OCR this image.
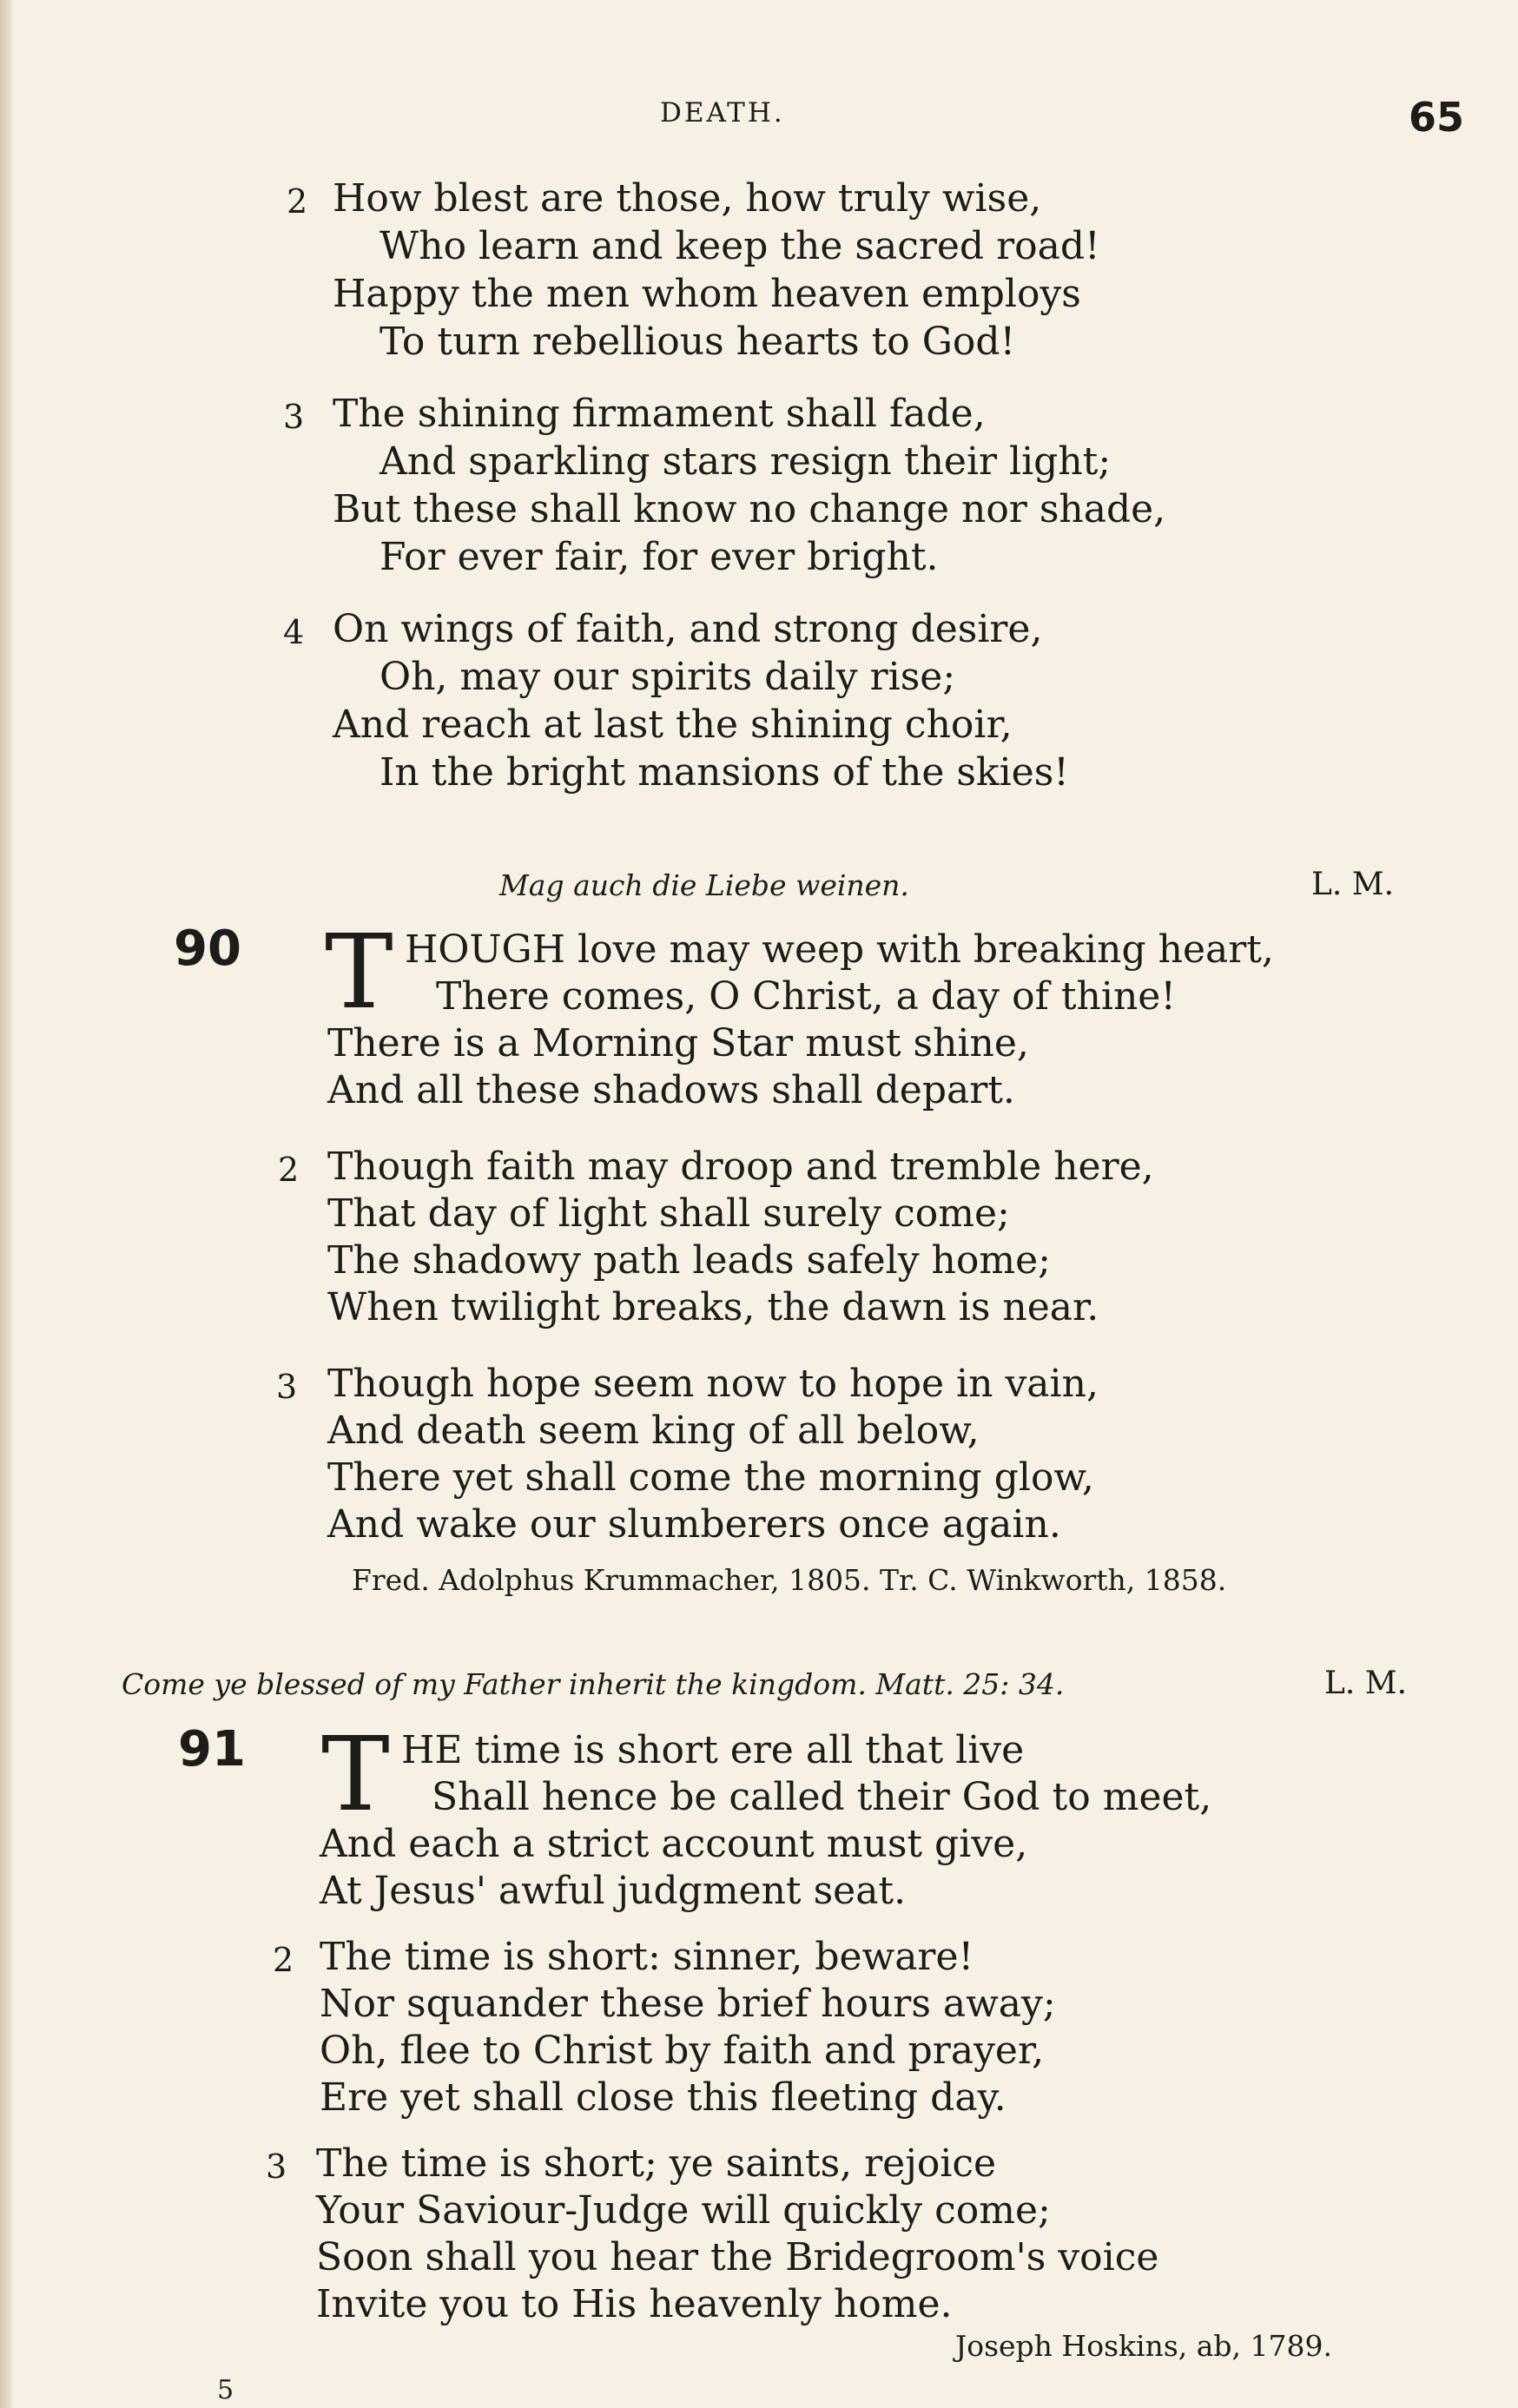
DEATH.	65
2 How blest are those, how truly wise,
Who learn and keep the sacred road!
Happy the men whom heaven employs
To turn rebellious hearts to God!
3 The shining firmament shall fade,
And sparkling stars resign their light;
But these shall know no change nor shade,
For ever fair, for ever bright.
4 On wings of faith, and strong desire,
Oh, may our spirits daily rise;
And reach at last the shining choir,
In the bright mansions of the skies!
Mag auch die Liebe weinen.	L. M.
90 T HOUGH love may weep with breaking heart,
There comes, O Christ, a day of thine!
There is a Morning Star must shine,
And all these shadows shall depart.
2 Though faith may droop and tremble here,
That day of light shall surely come;
The shadowy path leads safely home;
When twilight breaks, the dawn is near.
3 Though hope seem now to hope in vain,
And death seem king of all below,
There yet shall come the morning glow,
And wake our slumberers once again.
Fred. Adolphus Krummacher, 1805. Tr. C. Winkworth, 1858.
Come ye blessed of my Father inherit the kingdom. Matt. 25: 34.	L. M.
91 T HE time is short ere all that live
Shall hence be called their God to meet,
And each a strict account must give,
At Jesus' awful judgment seat.
2 The time is short: sinner, beware!
Nor squander these brief hours away;
Oh, flee to Christ by faith and prayer,
Ere yet shall close this fleeting day.
3 The time is short; ye saints, rejoice
Your Saviour-Judge will quickly come;
Soon shall you hear the Bridegroom's voice
Invite you to His heavenly home.
Joseph Hoskins, ab, 1789.
5
